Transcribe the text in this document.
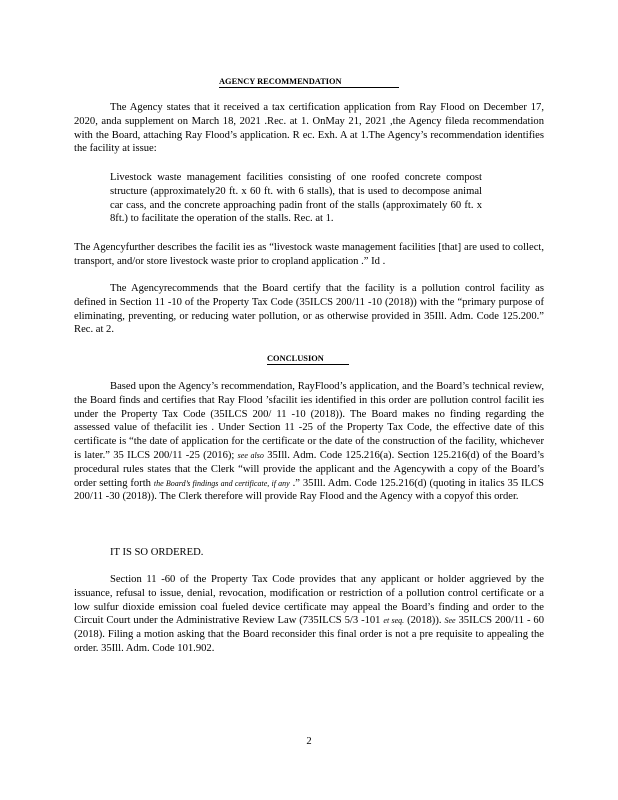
AGENCY RECOMMENDATION

The Agency states that it received a tax certification application from Ray Flood on December 17, 2020, anda supplement on March 18, 2021 .Rec. at 1. OnMay 21, 2021 ,the Agency fileda recommendation with the Board, attaching Ray Flood’s application. R ec. Exh. A at 1.The Agency’s recommendation identifies the facility at issue:

Livestock waste management facilities consisting of one roofed concrete compost structure (approximately20 ft. x 60 ft. with 6 stalls), that is used to decompose animal car cass, and the concrete approaching padin front of the stalls (approximately 60 ft. x 8ft.) to facilitate the operation of the stalls. Rec. at 1.

The Agencyfurther describes the facilit ies as “livestock waste management facilities [that] are used to collect, transport, and/or store livestock waste prior to cropland application .” Id .

The Agencyrecommends that the Board certify that the facility is a pollution control facility as defined in Section 11 -10 of the Property Tax Code (35ILCS 200/11 -10 (2018)) with the “primary purpose of eliminating, preventing, or reducing water pollution, or as otherwise provided in 35Ill. Adm. Code 125.200.” Rec. at 2.

CONCLUSION

Based upon the Agency’s recommendation, RayFlood’s application, and the Board’s technical review, the Board finds and certifies that Ray Flood ’sfacilit ies identified in this order are pollution control facilit ies under the Property Tax Code (35ILCS 200/ 11 -10 (2018)). The Board makes no finding regarding the assessed value of thefacilit ies . Under Section 11 -25 of the Property Tax Code, the effective date of this certificate is “the date of application for the certificate or the date of the construction of the facility, whichever is later.” 35 ILCS 200/11 -25 (2016); see also 35Ill. Adm. Code 125.216(a). Section 125.216(d) of the Board’s procedural rules states that the Clerk “will provide the applicant and the Agencywith a copy of the Board’s order setting forth the Board’s findings and certificate, if any .” 35Ill. Adm. Code 125.216(d) (quoting in italics 35 ILCS 200/11 -30 (2018)). The Clerk therefore will provide Ray Flood and the Agency with a copyof this order.

IT IS SO ORDERED.

Section 11 -60 of the Property Tax Code provides that any applicant or holder aggrieved by the issuance, refusal to issue, denial, revocation, modification or restriction of a pollution control certificate or a low sulfur dioxide emission coal fueled device certificate may appeal the Board’s finding and order to the Circuit Court under the Administrative Review Law (735ILCS 5/3 -101 et seq. (2018)). See 35ILCS 200/11 - 60 (2018). Filing a motion asking that the Board reconsider this final order is not a pre requisite to appealing the order. 35Ill. Adm. Code 101.902.

2
